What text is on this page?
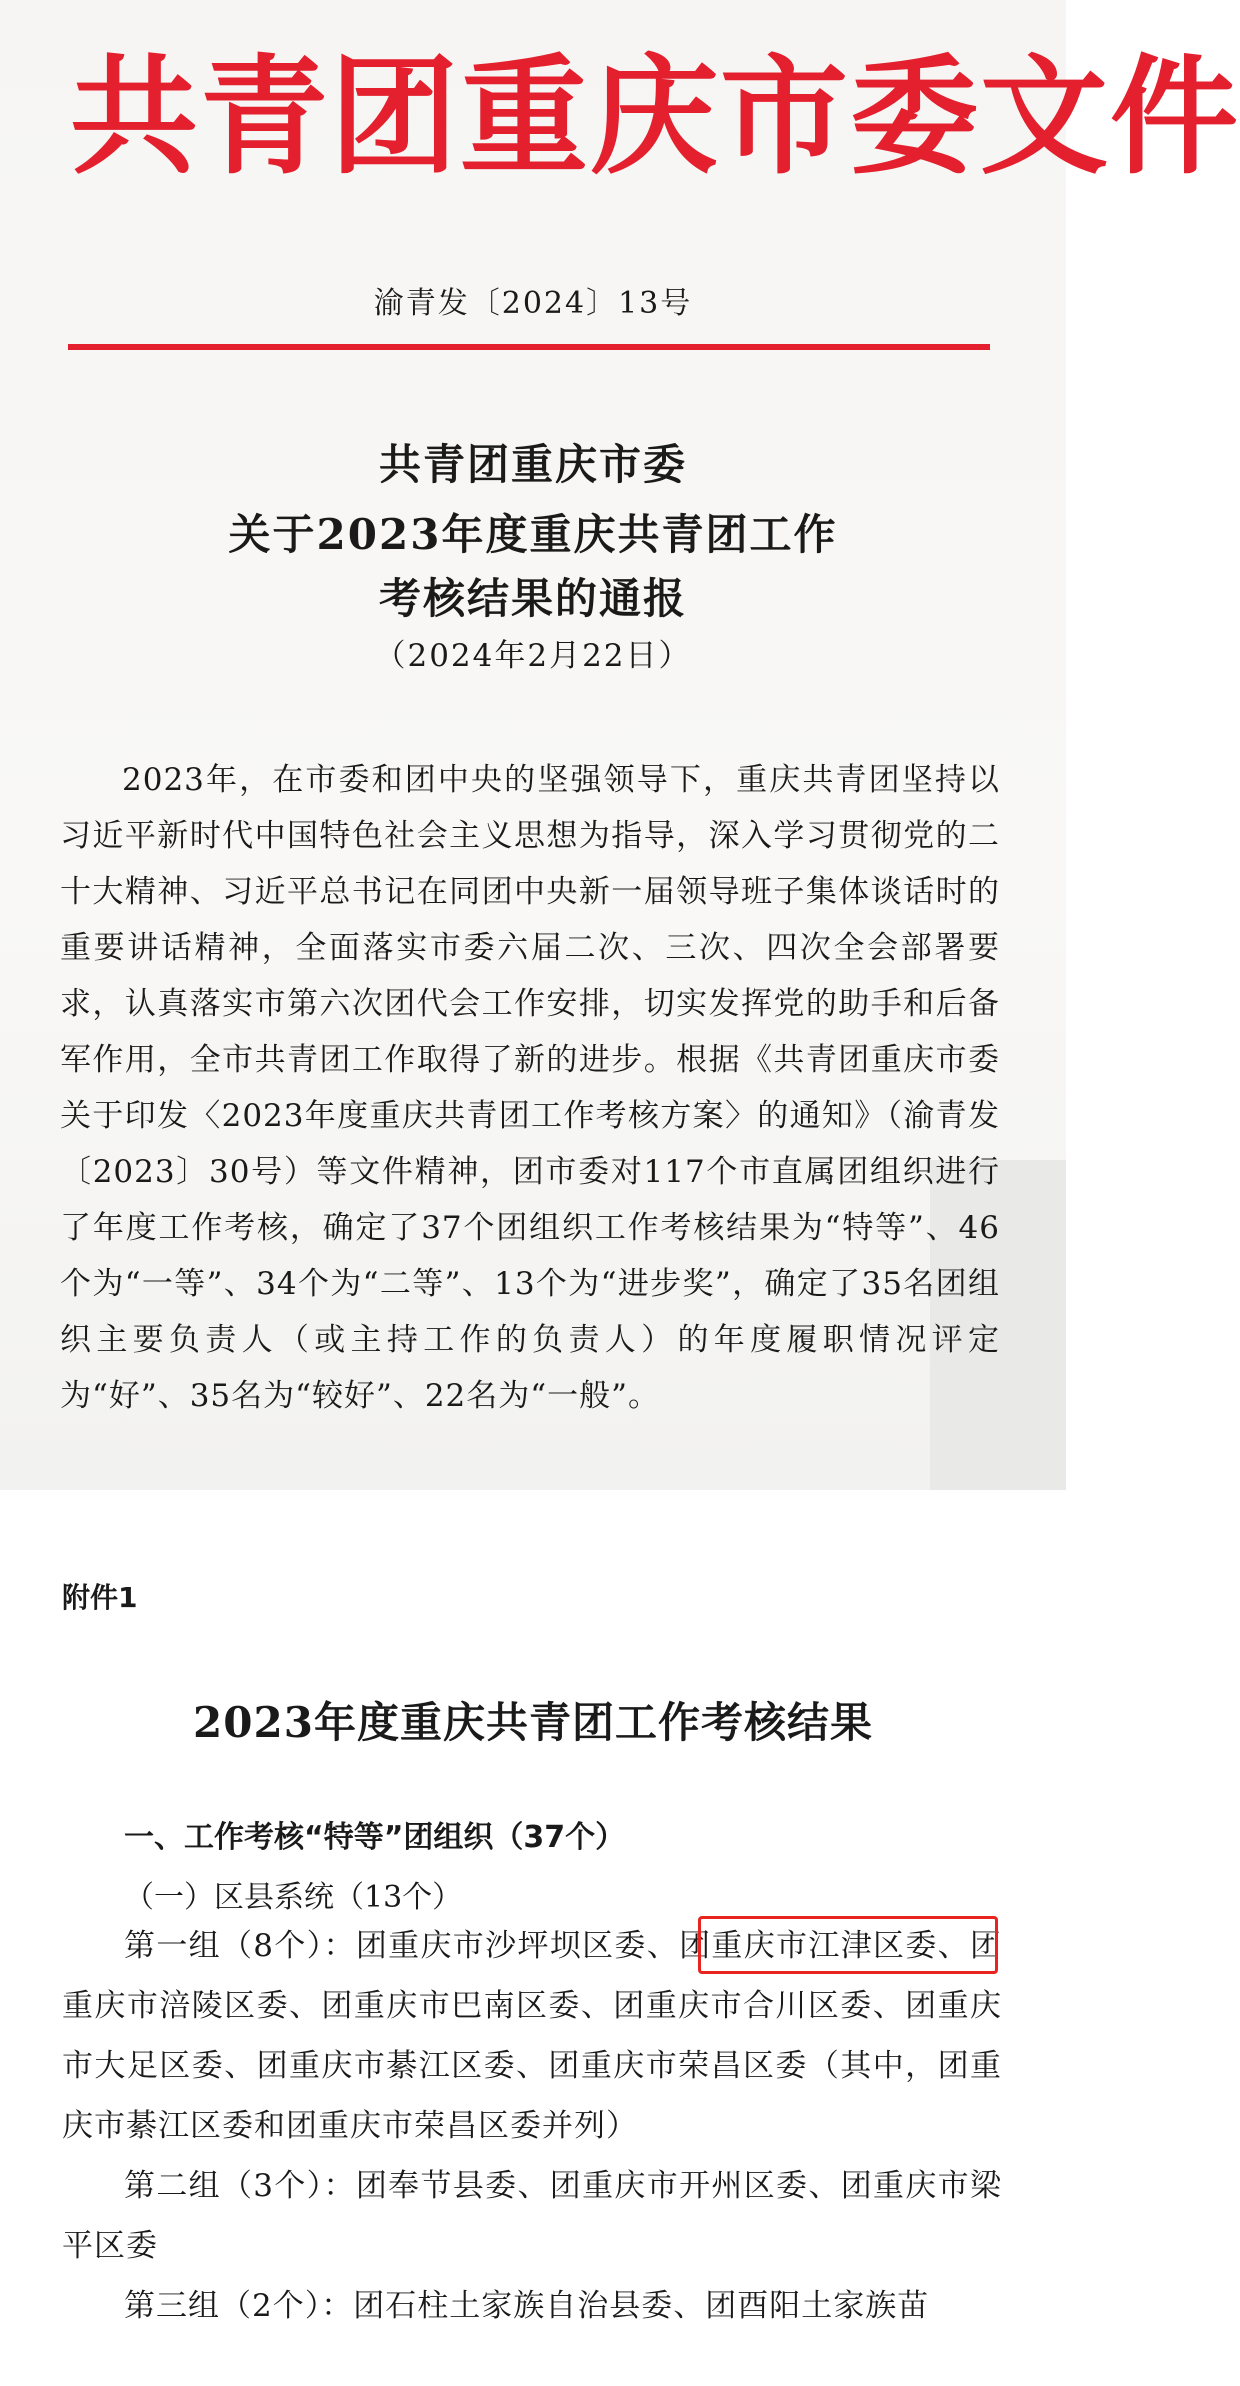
共青团重庆市委文件
渝青发〔2024〕13号
共青团重庆市委
关于2023年度重庆共青团工作
考核结果的通报
（2024年2月22日）

2023年，在市委和团中央的坚强领导下，重庆共青团坚持以习近平新时代中国特色社会主义思想为指导，深入学习贯彻党的二十大精神、习近平总书记在同团中央新一届领导班子集体谈话时的重要讲话精神，全面落实市委六届二次、三次、四次全会部署要求，认真落实市第六次团代会工作安排，切实发挥党的助手和后备军作用，全市共青团工作取得了新的进步。根据《共青团重庆市委关于印发〈2023年度重庆共青团工作考核方案〉的通知》（渝青发〔2023〕30号）等文件精神，团市委对117个市直属团组织进行了年度工作考核，确定了37个团组织工作考核结果为“特等”、46个为“一等”、34个为“二等”、13个为“进步奖”，确定了35名团组织主要负责人（或主持工作的负责人）的年度履职情况评定为“好”、35名为“较好”、22名为“一般”。

附件1
2023年度重庆共青团工作考核结果
一、工作考核“特等”团组织（37个）
（一）区县系统（13个）

第一组（8个）：团重庆市沙坪坝区委、团重庆市江津区委、团重庆市涪陵区委、团重庆市巴南区委、团重庆市合川区委、团重庆市大足区委、团重庆市綦江区委、团重庆市荣昌区委（其中，团重庆市綦江区委和团重庆市荣昌区委并列）

第二组（3个）：团奉节县委、团重庆市开州区委、团重庆市梁平区委

第三组（2个）：团石柱土家族自治县委、团酉阳土家族苗
